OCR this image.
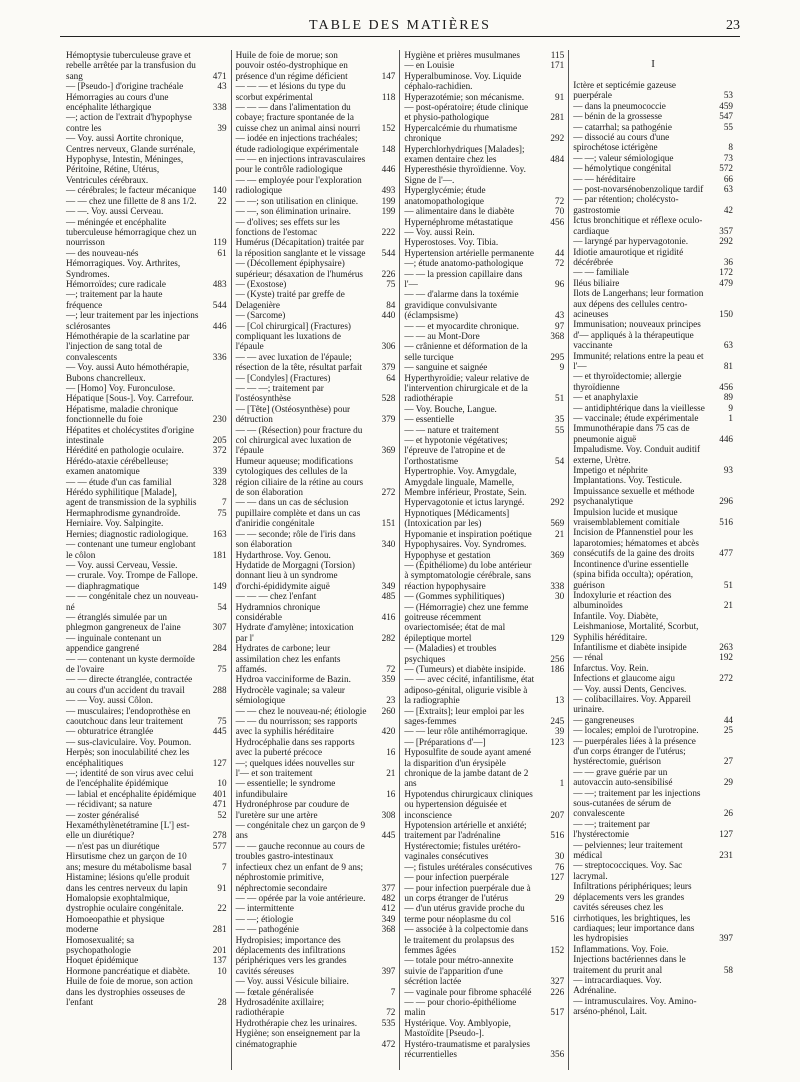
TABLE DES MATIÈRES	23
Hémoptysie tuberculeuse grave et rebelle arrêtée par la transfusion du sang	471
— [Pseudo-] d'origine trachéale	43
Hémorragies au cours d'une encéphalite léthargique	338
—; action de l'extrait d'hypophyse contre les	39
— Voy. aussi Aortite chronique, Centres nerveux, Glande surrénale, Hypophyse, Intestin, Méninges, Péritoine, Rétine, Utérus, Ventricules cérébraux.
— cérébrales; le facteur mécanique	140
— — chez une fillette de 8 ans 1/2.	22
— —. Voy. aussi Cerveau.
— méningée et encéphalite tuberculeuse hémorragique chez un nourrisson	119
— des nouveau-nés	61
Hémorragiques. Voy. Arthrites, Syndromes.
Hémorroïdes; cure radicale	483
—; traitement par la haute fréquence	544
—; leur traitement par les injections sclérosantes	446
Hémothérapie de la scarlatine par l'injection de sang total de convalescents	336
— Voy. aussi Auto hémothérapie, Bubons chancrelleux.
— [Homo] Voy. Furonculose.
Hépatique [Sous-]. Voy. Carrefour.
Hépatisme, maladie chronique fonctionnelle du foie	230
Hépatites et cholécystites d'origine intestinale	205
Hérédité en pathologie oculaire.	372
Hérédo-ataxie cérébelleuse; examen anatomique	339
— — étude d'un cas familial	328
Hérédo syphilitique [Malade], agent de transmission de la syphilis	7
Hermaphrodisme gynandroïde.	75
Herniaire. Voy. Salpingite.
Hernies; diagnostic radiologique.	163
— contenant une tumeur englobant le côlon	181
— Voy. aussi Cerveau, Vessie.
— crurale. Voy. Trompe de Fallope.
— diaphragmatique	149
— — congénitale chez un nouveau-né	54
— étranglés simulée par un phlegmon gangreneux de l'aine	307
— inguinale contenant un appendice gangrené	284
— — contenant un kyste dermoïde de l'ovaire	75
— — directe étranglée, contractée au cours d'un accident du travail	288
— — Voy. aussi Côlon.
— musculaires; l'endoprothèse en caoutchouc dans leur traitement	75
— obturatrice étranglée	445
— sus-claviculaire. Voy. Poumon.
Herpès; son inoculabilité chez les encéphalitiques	127
—; identité de son virus avec celui de l'encéphalite épidémique	10
— labial et encéphalite épidémique	401
— récidivant; sa nature	471
— zoster généralisé	52
Hexaméthylènetétramine [L'] est-elle un diurétique?	278
— n'est pas un diurétique	577
Hirsutisme chez un garçon de 10 ans; mesure du métabolisme basal	7
Histamine; lésions qu'elle produit dans les centres nerveux du lapin	91
Homalopsie exophtalmique, dystrophie oculaire congénitale.	22
Homoeopathie et physique moderne	281
Homosexualité; sa psychopathologie	201
Hoquet épidémique	137
Hormone pancréatique et diabète.	10
Huile de foie de morue, son action dans les dystrophies osseuses de l'enfant	28
Huile de foie de morue; son pouvoir ostéo-dystrophique en présence d'un régime déficient	147
— — — et lésions du type du scorbut expérimental	118
— — — dans l'alimentation du cobaye; fracture spontanée de la cuisse chez un animal ainsi nourri	152
— iodée en injections trachéales; étude radiologique expérimentale	148
— — en injections intravasculaires pour le contrôle radiologique	446
— — employée pour l'exploration radiologique	493
— —; son utilisation en clinique.	199
— —, son élimination urinaire.	199
— d'olives; ses effets sur les fonctions de l'estomac	222
Humérus (Décapitation) traitée par la réposition sanglante et le vissage	544
— (Décollement épiphysaire) supérieur; désaxation de l'humérus	226
— (Exostose)	75
— (Kyste) traité par greffe de Delagenière	84
— (Sarcome)	440
— [Col chirurgical] (Fractures) compliquant les luxations de l'épaule	306
— — avec luxation de l'épaule; résection de la tête, résultat parfait	379
— [Condyles] (Fractures)	64
— — —; traitement par l'ostéosynthèse	528
— [Tête] (Ostéosynthèse) pour détruction	379
— — (Résection) pour fracture du col chirurgical avec luxation de l'épaule	369
Humeur aqueuse; modifications cytologiques des cellules de la région ciliaire de la rétine au cours de son élaboration	272
— — dans un cas de séclusion pupillaire complète et dans un cas d'aniridie congénitale	151
— — seconde; rôle de l'iris dans son élaboration	340
Hydarthrose. Voy. Genou.
Hydatide de Morgagni (Torsion) donnant lieu à un syndrome d'orchi-épididymite aiguë	349
— — — chez l'enfant	485
Hydramnios chronique considérable	416
Hydrate d'amylène; intoxication par l'	282
Hydrates de carbone; leur assimilation chez les enfants affamés.	72
Hydroa vacciniforme de Bazin.	359
Hydrocèle vaginale; sa valeur sémiologique	23
— — chez le nouveau-né; étiologie	260
— — du nourrisson; ses rapports avec la syphilis héréditaire	420
Hydrocéphalie dans ses rapports avec la puberté précoce	16
—; quelques idées nouvelles sur l'— et son traitement	21
— essentielle; le syndrome infundibulaire	16
Hydronéphrose par coudure de l'uretère sur une artère	308
— congénitale chez un garçon de 9 ans	445
— — gauche reconnue au cours de troubles gastro-intestinaux infectieux chez un enfant de 9 ans; néphrostomie primitive, néphrectomie secondaire	377
— — opérée par la voie antérieure.	482
— intermittente	412
— —; étiologie	349
— — pathogénie	368
Hydropisies; importance des déplacements des infiltrations périphériques vers les grandes cavités séreuses	397
— Voy. aussi Vésicule biliaire.
— fœtale généralisée	7
Hydrosadénite axillaire; radiothérapie	72
Hydrothérapie chez les urinaires.	535
Hygiène; son enseignement par la cinématographie	472
Hygiène et prières musulmanes	115
— en Louisie	171
Hyperalbuminose. Voy. Liquide céphalo-rachidien.
Hyperazotémie; son mécanisme.	91
— post-opératoire; étude clinique et physio-pathologique	281
Hypercalcémie du rhumatisme chronique	292
Hyperchlorhydriques [Malades]; examen dentaire chez les	484
Hyperesthésie thyroïdienne. Voy. Signe de l'—.
Hyperglycémie; étude anatomopathologique	72
— alimentaire dans le diabète	70
Hypernéphrome métastatique	456
— Voy. aussi Rein.
Hyperostoses. Voy. Tibia.
Hypertension artérielle permanente	44
—; étude anatomo-pathologique	72
— — la pression capillaire dans l'—	96
— — d'alarme dans la toxémie gravidique convulsivante (éclampsisme)	43
— — et myocardite chronique.	97
— — au Mont-Dore	368
— crânienne et déformation de la selle turcique	295
— sanguine et saignée	9
Hyperthyroïdie; valeur relative de l'intervention chirurgicale et de la radiothérapie	51
— Voy. Bouche, Langue.
— essentielle	35
— — nature et traitement	55
— et hypotonie végétatives; l'épreuve de l'atropine et de l'orthostatisme	54
Hypertrophie. Voy. Amygdale, Amygdale linguale, Mamelle, Membre inférieur, Prostate, Sein.
Hypervagotonie et ictus laryngé.	292
Hypnotiques [Médicaments] (Intoxication par les)	569
Hypomanie et inspiration poétique	21
Hypophysaires. Voy. Syndromes.
Hypophyse et gestation	369
— (Épithéliome) du lobe antérieur à symptomatologie cérébrale, sans réaction hypophysaire	338
— (Gommes syphilitiques)	30
— (Hémorragie) chez une femme goitreuse récemment ovariectomisée; état de mal épileptique mortel	129
— (Maladies) et troubles psychiques	256
— (Tumeurs) et diabète insipide.	186
— — avec cécité, infantilisme, état adiposo-génital, oligurie visible à la radiographie	13
— [Extraits]; leur emploi par les sages-femmes	245
— — leur rôle antihémorragique.	39
— [Préparations d'—]	123
Hyposulfite de soude ayant amené la disparition d'un érysipèle chronique de la jambe datant de 2 ans	1
Hypotendus chirurgicaux cliniques ou hypertension déguisée et inconscience	207
Hypotension artérielle et anxiété; traitement par l'adrénaline	516
Hystérectomie; fistules urétéro-vaginales consécutives	30
—; fistules urétérales consécutives	76
— pour infection puerpérale	127
— pour infection puerpérale due à un corps étranger de l'utérus	29
— d'un utérus gravide proche du terme pour néoplasme du col	516
— associée à la colpectomie dans le traitement du prolapsus des femmes âgées	152
— totale pour métro-annexite suivie de l'apparition d'une sécrétion lactée	327
— vaginale pour fibrome sphacélé	226
— — pour chorio-épithéliome malin	517
Hystérique. Voy. Amblyopie, Mastoïdite [Pseudo-].
Hystéro-traumatisme et paralysies récurrentielles	356
I
Ictère et septicémie gazeuse puerpérale	53
— dans la pneumococcie	459
— bénin de la grossesse	547
— catarrhal; sa pathogénie	55
— dissocié au cours d'une spirochétose ictérigène	8
— —; valeur sémiologique	73
— hémolytique congénital	572
— — héréditaire	66
— post-novarsénobenzolique tardif	63
— par rétention; cholécysto-gastrostomie	42
Ictus bronchitique et réflexe oculo-cardiaque	357
— laryngé par hypervagotonie.	292
Idiotie amaurotique et rigidité décérébrée	36
— — familiale	172
Iléus biliaire	479
Ilots de Langerhans; leur formation aux dépens des cellules centro-acineuses	150
Immunisation; nouveaux principes d'— appliqués à la thérapeutique vaccinante	63
Immunité; relations entre la peau et l'—	81
— et thyroïdectomie; allergie thyroïdienne	456
— et anaphylaxie	89
— antidiphtérique dans la vieillesse	9
— vaccinale; étude expérimentale	1
Immunothérapie dans 75 cas de pneumonie aiguë	446
Impaludisme. Voy. Conduit auditif externe, Urètre.
Impetigo et néphrite	93
Implantations. Voy. Testicule.
Impuissance sexuelle et méthode psychanalytique	296
Impulsion lucide et musique vraisemblablement comitiale	516
Incision de Pfannenstiel pour les laparotomies; hématomes et abcès consécutifs de la gaine des droits	477
Incontinence d'urine essentielle (spina bifida occulta); opération, guérison	51
Indoxylurie et réaction des albuminoïdes	21
Infantile. Voy. Diabète, Leishmaniose, Mortalité, Scorbut, Syphilis héréditaire.
Infantilisme et diabète insipide	263
— rénal	192
Infarctus. Voy. Rein.
Infections et glaucome aigu	272
— Voy. aussi Dents, Gencives.
— colibacillaires. Voy. Appareil urinaire.
— gangreneuses	44
— locales; emploi de l'urotropine.	25
— puerpérales liées à la présence d'un corps étranger de l'utérus; hystérectomie, guérison	27
— — grave guérie par un autovaccin auto-sensibilisé	29
— —; traitement par les injections sous-cutanées de sérum de convalescente	26
— —; traitement par l'hystérectomie	127
— pelviennes; leur traitement médical	231
— streptococciques. Voy. Sac lacrymal.
Infiltrations périphériques; leurs déplacements vers les grandes cavités séreuses chez les cirrhotiques, les brightiques, les cardiaques; leur importance dans les hydropisies	397
Inflammations. Voy. Foie.
Injections bactériennes dans le traitement du prurit anal	58
— intracardiaques. Voy. Adrénaline.
— intramusculaires. Voy. Amino-arséno-phénol, Lait.
